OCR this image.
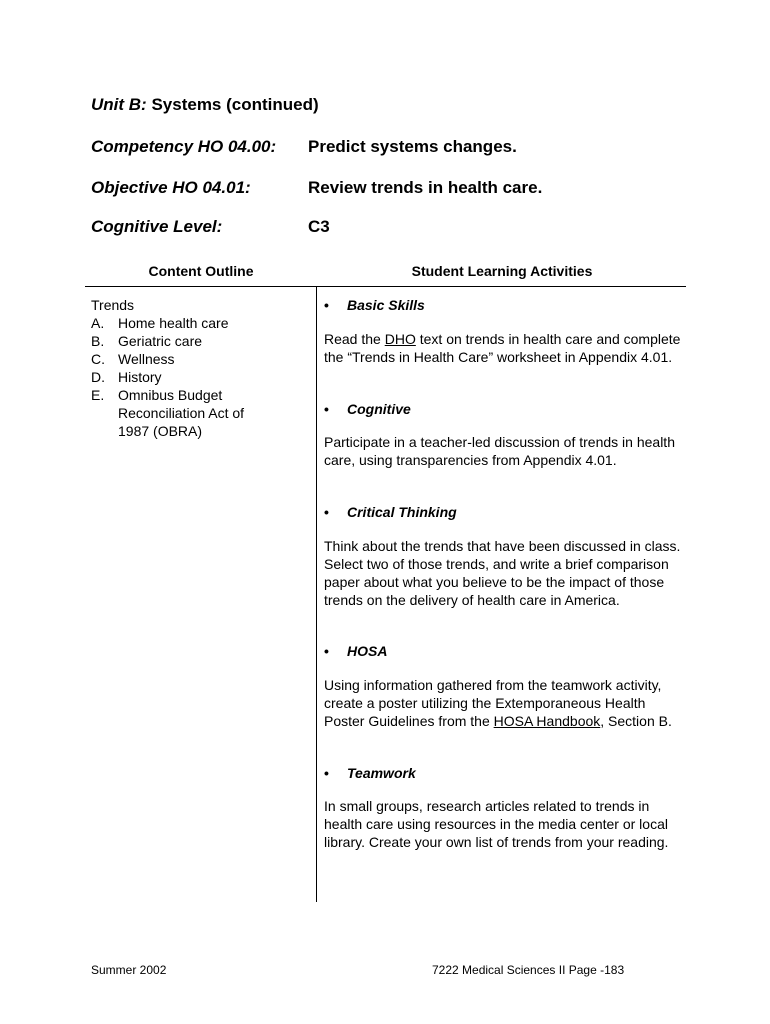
Unit B: Systems (continued)
Competency HO 04.00: Predict systems changes.
Objective HO 04.01:	Review trends in health care.
Cognitive Level:	C3
Content Outline	Student Learning Activities
Trends
A. Home health care
B. Geriatric care
C. Wellness
D. History
E. Omnibus Budget Reconciliation Act of 1987 (OBRA)
• Basic Skills

Read the DHO text on trends in health care and complete the “Trends in Health Care” worksheet in Appendix 4.01.

• Cognitive

Participate in a teacher-led discussion of trends in health care, using transparencies from Appendix 4.01.

• Critical Thinking

Think about the trends that have been discussed in class. Select two of those trends, and write a brief comparison paper about what you believe to be the impact of those trends on the delivery of health care in America.

• HOSA

Using information gathered from the teamwork activity, create a poster utilizing the Extemporaneous Health Poster Guidelines from the HOSA Handbook, Section B.

• Teamwork

In small groups, research articles related to trends in health care using resources in the media center or local library. Create your own list of trends from your reading.

Summer 2002	7222 Medical Sciences II Page -183
